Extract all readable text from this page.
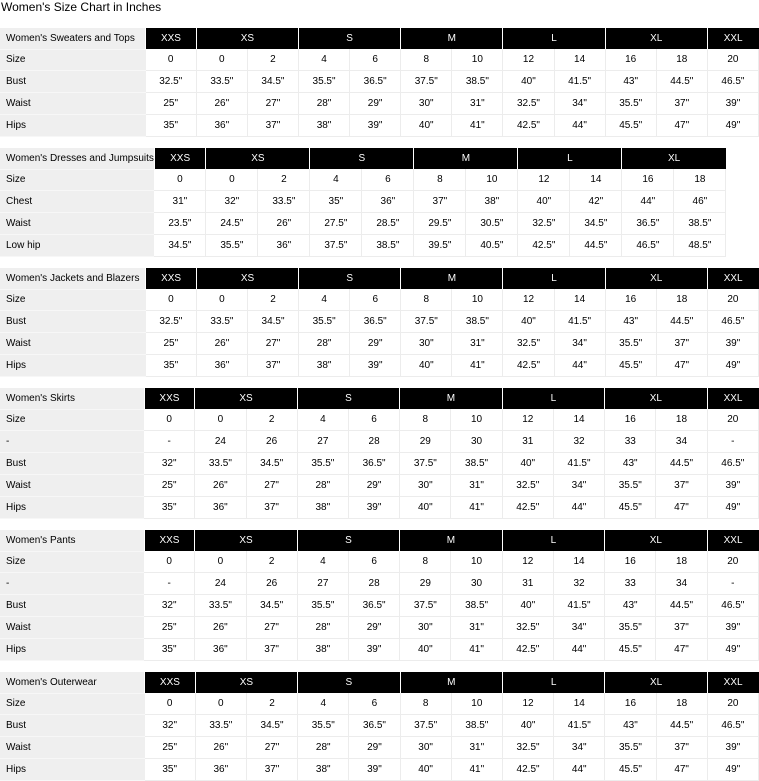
Women's Size Chart in Inches
Women's Sweaters and Tops	XXS	XS		S		M		L		XL		XXL
Size	0	0	2	4	6	8	10	12	14	16	18	20
Bust	32.5"	33.5"	34.5"	35.5"	36.5"	37.5"	38.5"	40"	41.5"	43"	44.5"	46.5"
Waist	25"	26"	27"	28"	29"	30"	31"	32.5"	34"	35.5"	37"	39"
Hips	35"	36"	37"	38"	39"	40"	41"	42.5"	44"	45.5"	47"	49"
Women's Dresses and Jumpsuits	XXS	XS		S		M		L		XL	
Size	0	0	2	4	6	8	10	12	14	16	18
Chest	31"	32"	33.5"	35"	36"	37"	38"	40"	42"	44"	46"
Waist	23.5"	24.5"	26"	27.5"	28.5"	29.5"	30.5"	32.5"	34.5"	36.5"	38.5"
Low hip	34.5"	35.5"	36"	37.5"	38.5"	39.5"	40.5"	42.5"	44.5"	46.5"	48.5"
Women's Jackets and Blazers	XXS	XS		S		M		L		XL		XXL
Size	0	0	2	4	6	8	10	12	14	16	18	20
Bust	32.5"	33.5"	34.5"	35.5"	36.5"	37.5"	38.5"	40"	41.5"	43"	44.5"	46.5"
Waist	25"	26"	27"	28"	29"	30"	31"	32.5"	34"	35.5"	37"	39"
Hips	35"	36"	37"	38"	39"	40"	41"	42.5"	44"	45.5"	47"	49"
Women's Skirts	XXS	XS		S		M		L		XL		XXL
Size	0	0	2	4	6	8	10	12	14	16	18	20
-	-	24	26	27	28	29	30	31	32	33	34	-
Bust	32"	33.5"	34.5"	35.5"	36.5"	37.5"	38.5"	40"	41.5"	43"	44.5"	46.5"
Waist	25"	26"	27"	28"	29"	30"	31"	32.5"	34"	35.5"	37"	39"
Hips	35"	36"	37"	38"	39"	40"	41"	42.5"	44"	45.5"	47"	49"
Women's Pants	XXS	XS		S		M		L		XL		XXL
Size	0	0	2	4	6	8	10	12	14	16	18	20
-	-	24	26	27	28	29	30	31	32	33	34	-
Bust	32"	33.5"	34.5"	35.5"	36.5"	37.5"	38.5"	40"	41.5"	43"	44.5"	46.5"
Waist	25"	26"	27"	28"	29"	30"	31"	32.5"	34"	35.5"	37"	39"
Hips	35"	36"	37"	38"	39"	40"	41"	42.5"	44"	45.5"	47"	49"
Women's Outerwear	XXS	XS		S		M		L		XL		XXL
Size	0	0	2	4	6	8	10	12	14	16	18	20
Bust	32"	33.5"	34.5"	35.5"	36.5"	37.5"	38.5"	40"	41.5"	43"	44.5"	46.5"
Waist	25"	26"	27"	28"	29"	30"	31"	32.5"	34"	35.5"	37"	39"
Hips	35"	36"	37"	38"	39"	40"	41"	42.5"	44"	45.5"	47"	49"
